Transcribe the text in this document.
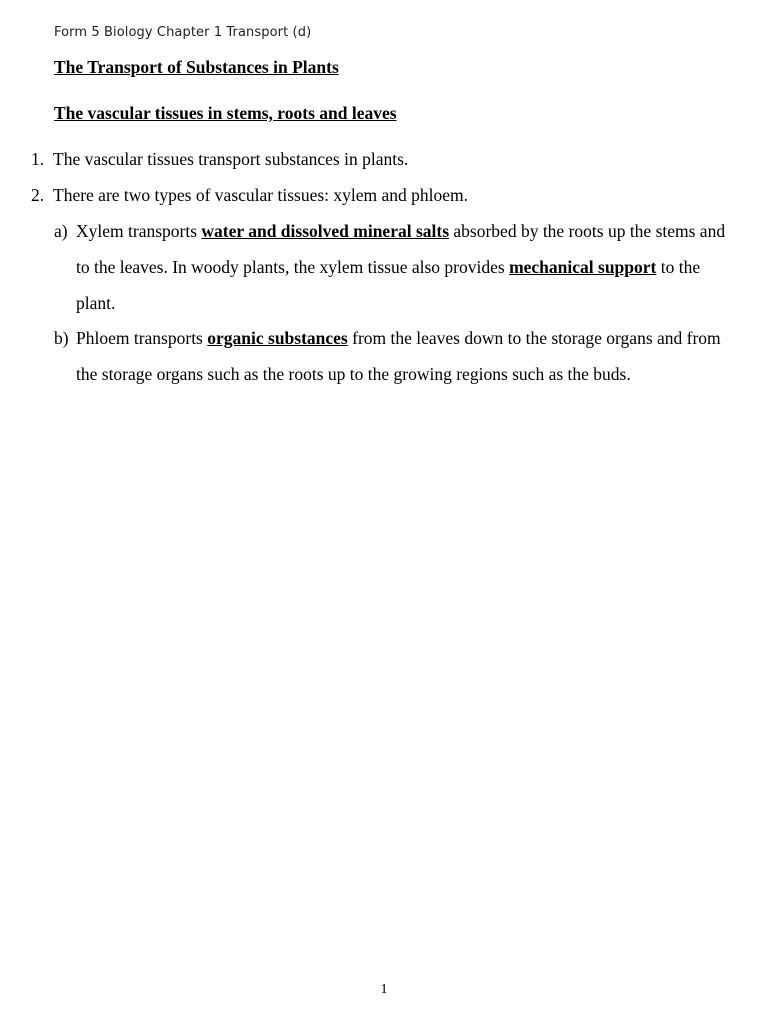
Form 5 Biology Chapter 1 Transport (d)
The Transport of Substances in Plants
The vascular tissues in stems, roots and leaves
1. The vascular tissues transport substances in plants.
2. There are two types of vascular tissues: xylem and phloem.
a) Xylem transports water and dissolved mineral salts absorbed by the roots up the stems and to the leaves. In woody plants, the xylem tissue also provides mechanical support to the plant.
b) Phloem transports organic substances from the leaves down to the storage organs and from the storage organs such as the roots up to the growing regions such as the buds.
1
